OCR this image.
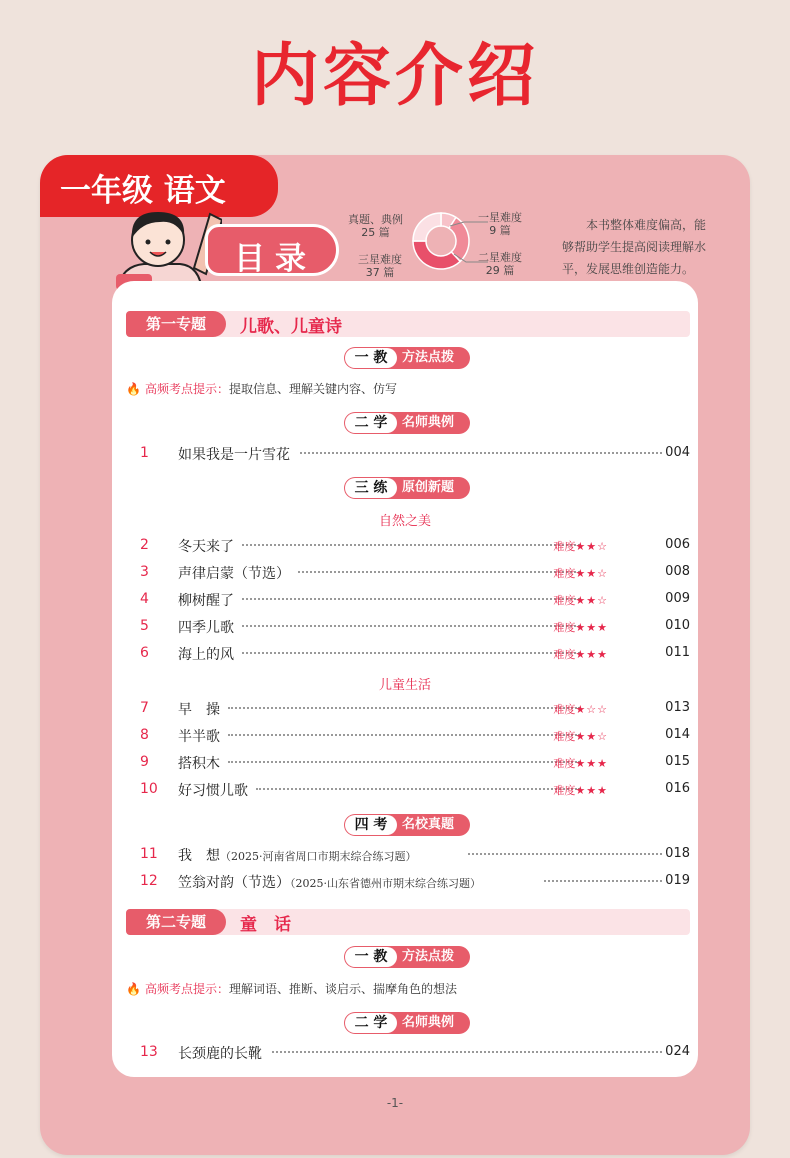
内容介绍
一年级 语文
目录
真题、典例
25 篇
三星难度
37 篇
一星难度
9 篇
二星难度
29 篇
本书整体难度偏高，能够帮助学生提高阅读理解水平，发展思维创造能力。
第一专题	儿歌、儿童诗
一 教	方法点拨
🔥 高频考点提示：提取信息、理解关键内容、仿写
二 学	名师典例
1 如果我是一片雪花	004
三 练	原创新题
自然之美
2 冬天来了	难度★★☆	006
3 声律启蒙（节选）	难度★★☆	008
4 柳树醒了	难度★★☆	009
5 四季儿歌	难度★★★	010
6 海上的风	难度★★★	011
儿童生活
7 早　操	难度★☆☆	013
8 半半歌	难度★★☆	014
9 搭积木	难度★★★	015
10 好习惯儿歌	难度★★★	016
四 考	名校真题
11 我　想（2025·河南省周口市期末综合练习题）	018
12 笠翁对韵（节选）（2025·山东省德州市期末综合练习题）	019
第二专题	童　话
一 教	方法点拨
🔥 高频考点提示：理解词语、推断、谈启示、揣摩角色的想法
二 学	名师典例
13 长颈鹿的长靴	024
-1-
